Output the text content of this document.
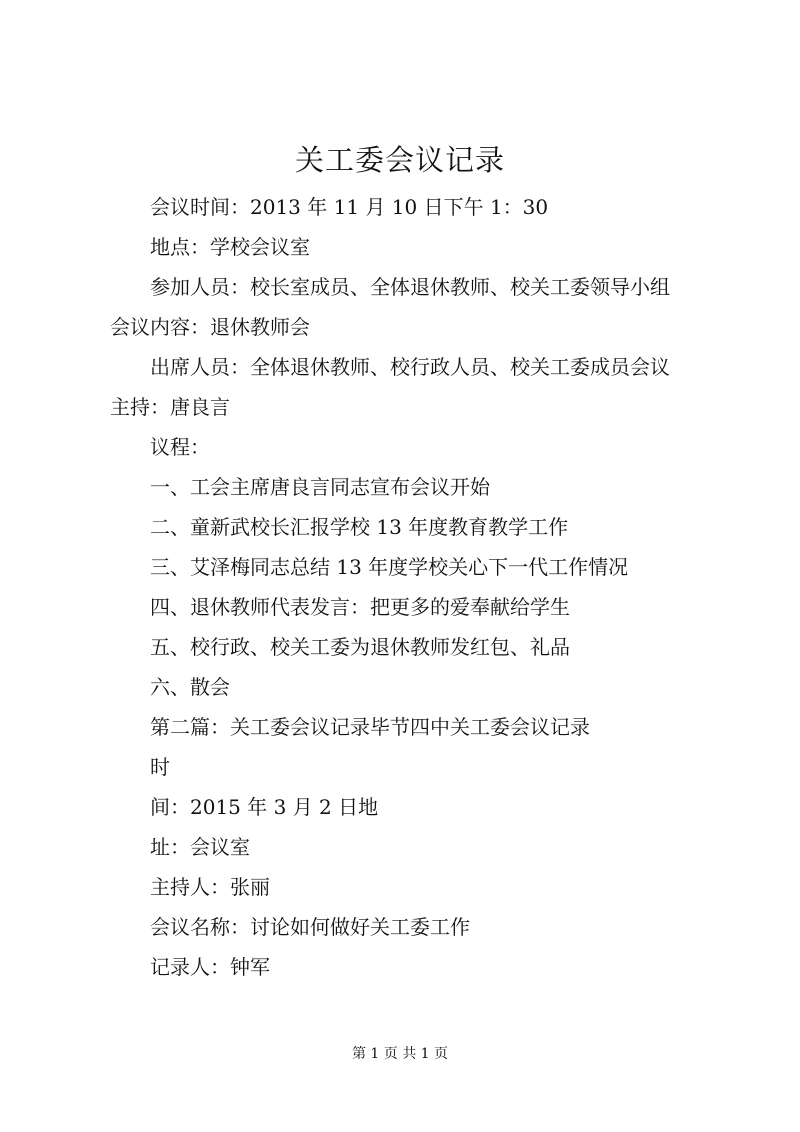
关工委会议记录
会议时间：2013 年 11 月 10 日下午 1：30
地点：学校会议室
参加人员：校长室成员、全体退休教师、校关工委领导小组
会议内容：退休教师会
出席人员：全体退休教师、校行政人员、校关工委成员会议
主持：唐良言
议程：
一、工会主席唐良言同志宣布会议开始
二、童新武校长汇报学校 13 年度教育教学工作
三、艾泽梅同志总结 13 年度学校关心下一代工作情况
四、退休教师代表发言：把更多的爱奉献给学生
五、校行政、校关工委为退休教师发红包、礼品
六、散会
第二篇：关工委会议记录毕节四中关工委会议记录
时
间：2015 年 3 月 2 日地
址：会议室
主持人：张丽
会议名称：讨论如何做好关工委工作
记录人：钟军
第 1 页 共 1 页
